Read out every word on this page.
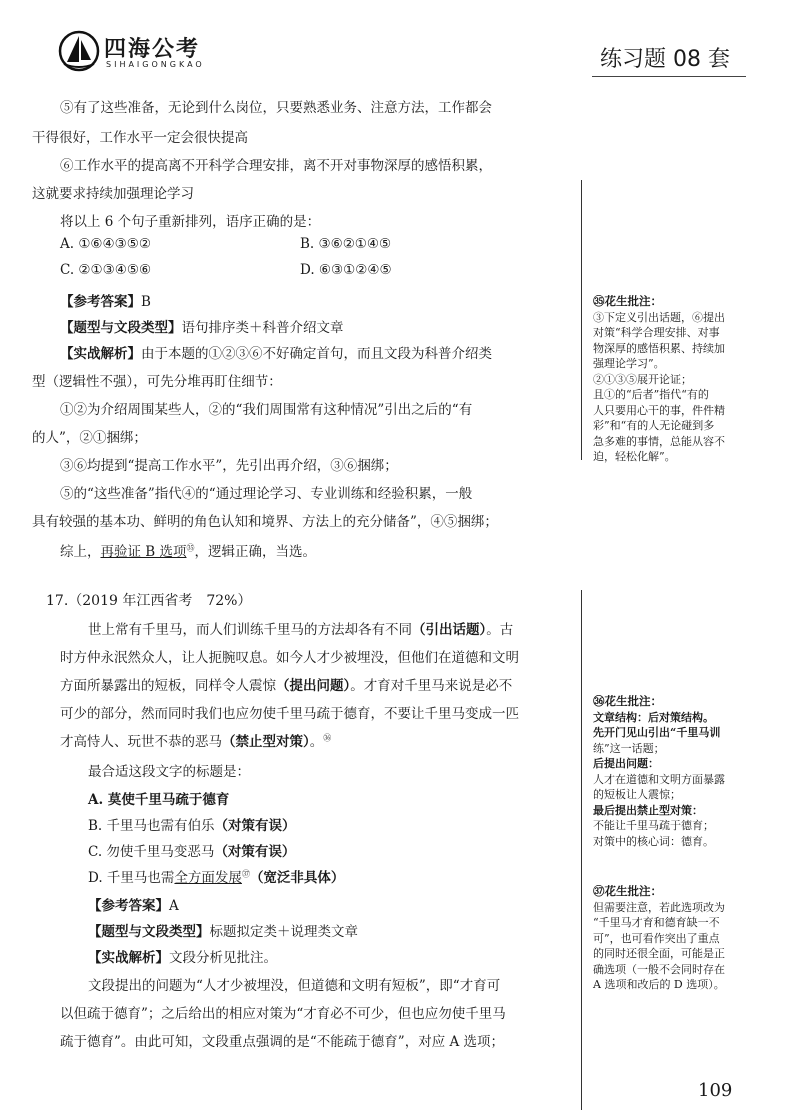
四海公考
SIHAIGONGKAO	练习题 08 套
⑤有了这些准备，无论到什么岗位，只要熟悉业务、注意方法，工作都会
干得很好，工作水平一定会很快提高
⑥工作水平的提高离不开科学合理安排，离不开对事物深厚的感悟积累，
这就要求持续加强理论学习
将以上 6 个句子重新排列，语序正确的是：
A. ①⑥④③⑤②	B. ③⑥②①④⑤
C. ②①③④⑤⑥	D. ⑥③①②④⑤
【参考答案】B
【题型与文段类型】语句排序类＋科普介绍文章
【实战解析】由于本题的①②③⑥不好确定首句，而且文段为科普介绍类
型（逻辑性不强），可先分堆再盯住细节：
①②为介绍周围某些人，②的“我们周围常有这种情况”引出之后的“有
的人”，②①捆绑；
③⑥均提到“提高工作水平”，先引出再介绍，③⑥捆绑；
⑤的“这些准备”指代④的“通过理论学习、专业训练和经验积累，一般
具有较强的基本功、鲜明的角色认知和境界、方法上的充分储备”，④⑤捆绑；
综上，再验证 B 选项$^㉟$，逻辑正确，当选。
17.（2019 年江西省考　72%）
世上常有千里马，而人们训练千里马的方法却各有不同（引出话题）。古
时方仲永泯然众人，让人扼腕叹息。如今人才少被埋没，但他们在道德和文明
方面所暴露出的短板，同样令人震惊（提出问题）。才育对千里马来说是必不
可少的部分，然而同时我们也应勿使千里马疏于德育，不要让千里马变成一匹
才高恃人、玩世不恭的恶马（禁止型对策）。$^㊱$
最合适这段文字的标题是：
A. 莫使千里马疏于德育
B. 千里马也需有伯乐（对策有误）
C. 勿使千里马变恶马（对策有误）
D. 千里马也需全方面发展$^㊲$（宽泛非具体）
【参考答案】A
【题型与文段类型】标题拟定类＋说理类文章
【实战解析】文段分析见批注。
文段提出的问题为“人才少被埋没，但道德和文明有短板”，即“才育可
以但疏于德育”；之后给出的相应对策为“才育必不可少，但也应勿使千里马
疏于德育”。由此可知，文段重点强调的是“不能疏于德育”，对应 A 选项；
㉟花生批注：
③下定义引出话题，⑥提出
对策“科学合理安排、对事
物深厚的感悟积累、持续加
强理论学习”。
②①③⑤展开论证；
且①的“后者”指代“有的
人只要用心干的事，件件精
彩”和“有的人无论碰到多
急多难的事情，总能从容不
迫，轻松化解”。
㊱花生批注：
文章结构：后对策结构。
先开门见山引出“千里马训
练”这一话题；
后提出问题：
人才在道德和文明方面暴露
的短板让人震惊；
最后提出禁止型对策：
不能让千里马疏于德育；
对策中的核心词：德育。
㊲花生批注：
但需要注意，若此选项改为
“千里马才育和德育缺一不
可”，也可看作突出了重点
的同时还很全面，可能是正
确选项（一般不会同时存在
A 选项和改后的 D 选项）。
109
